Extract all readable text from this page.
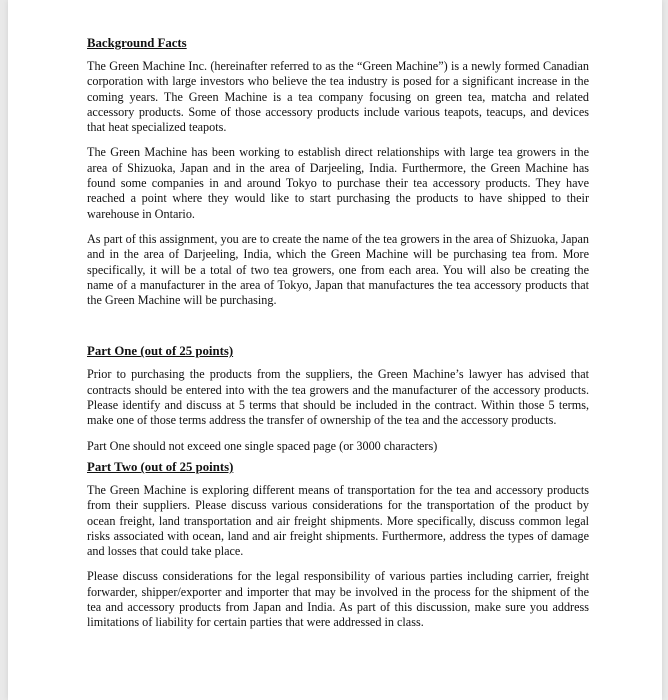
Background Facts

The Green Machine Inc. (hereinafter referred to as the “Green Machine”) is a newly formed Canadian corporation with large investors who believe the tea industry is posed for a significant increase in the coming years. The Green Machine is a tea company focusing on green tea, matcha and related accessory products. Some of those accessory products include various teapots, teacups, and devices that heat specialized teapots.

The Green Machine has been working to establish direct relationships with large tea growers in the area of Shizuoka, Japan and in the area of Darjeeling, India. Furthermore, the Green Machine has found some companies in and around Tokyo to purchase their tea accessory products. They have reached a point where they would like to start purchasing the products to have shipped to their warehouse in Ontario.

As part of this assignment, you are to create the name of the tea growers in the area of Shizuoka, Japan and in the area of Darjeeling, India, which the Green Machine will be purchasing tea from. More specifically, it will be a total of two tea growers, one from each area. You will also be creating the name of a manufacturer in the area of Tokyo, Japan that manufactures the tea accessory products that the Green Machine will be purchasing.

Part One (out of 25 points)

Prior to purchasing the products from the suppliers, the Green Machine’s lawyer has advised that contracts should be entered into with the tea growers and the manufacturer of the accessory products. Please identify and discuss at 5 terms that should be included in the contract. Within those 5 terms, make one of those terms address the transfer of ownership of the tea and the accessory products.

Part One should not exceed one single spaced page (or 3000 characters)

Part Two (out of 25 points)

The Green Machine is exploring different means of transportation for the tea and accessory products from their suppliers. Please discuss various considerations for the transportation of the product by ocean freight, land transportation and air freight shipments. More specifically, discuss common legal risks associated with ocean, land and air freight shipments. Furthermore, address the types of damage and losses that could take place.

Please discuss considerations for the legal responsibility of various parties including carrier, freight forwarder, shipper/exporter and importer that may be involved in the process for the shipment of the tea and accessory products from Japan and India. As part of this discussion, make sure you address limitations of liability for certain parties that were addressed in class.
